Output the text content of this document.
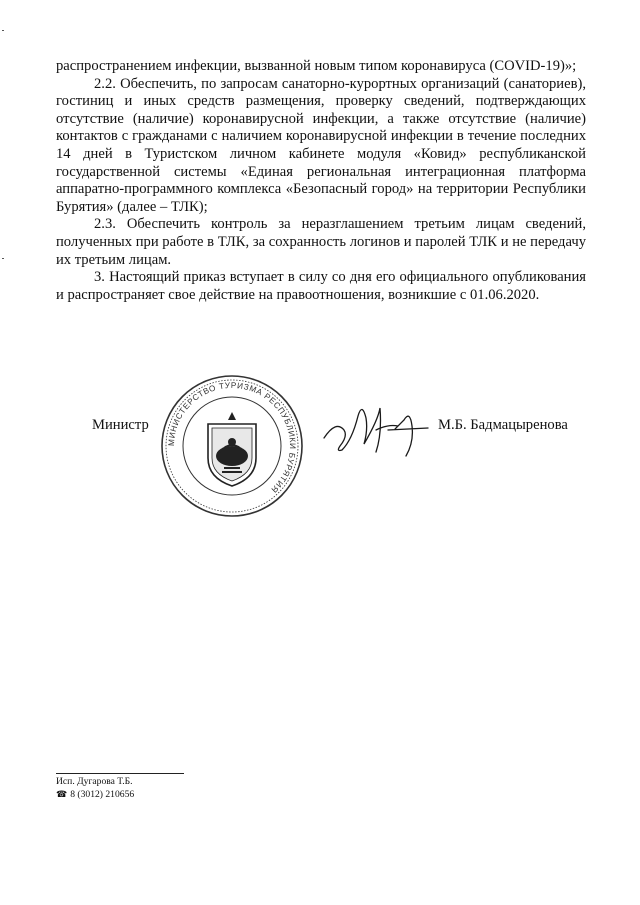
распространением инфекции, вызванной новым типом коронавируса (COVID-19)»;

2.2. Обеспечить, по запросам санаторно-курортных организаций (санаториев), гостиниц и иных средств размещения, проверку сведений, подтверждающих отсутствие (наличие) коронавирусной инфекции, а также отсутствие (наличие) контактов с гражданами с наличием коронавирусной инфекции в течение последних 14 дней в Туристском личном кабинете модуля «Ковид» республиканской государственной системы «Единая региональная интеграционная платформа аппаратно-программного комплекса «Безопасный город» на территории Республики Бурятия» (далее – ТЛК);

2.3. Обеспечить контроль за неразглашением третьим лицам сведений, полученных при работе в ТЛК, за сохранность логинов и паролей ТЛК и не передачу их третьим лицам.

3. Настоящий приказ вступает в силу со дня его официального опубликования и распространяет свое действие на правоотношения, возникшие с 01.06.2020.

Министр
МИНИСТЕРСТВО ТУРИЗМА РЕСПУБЛИКИ БУРЯТИЯ
М.Б. Бадмацыренова
Исп. Дугарова Т.Б.
☎ 8 (3012) 210656
